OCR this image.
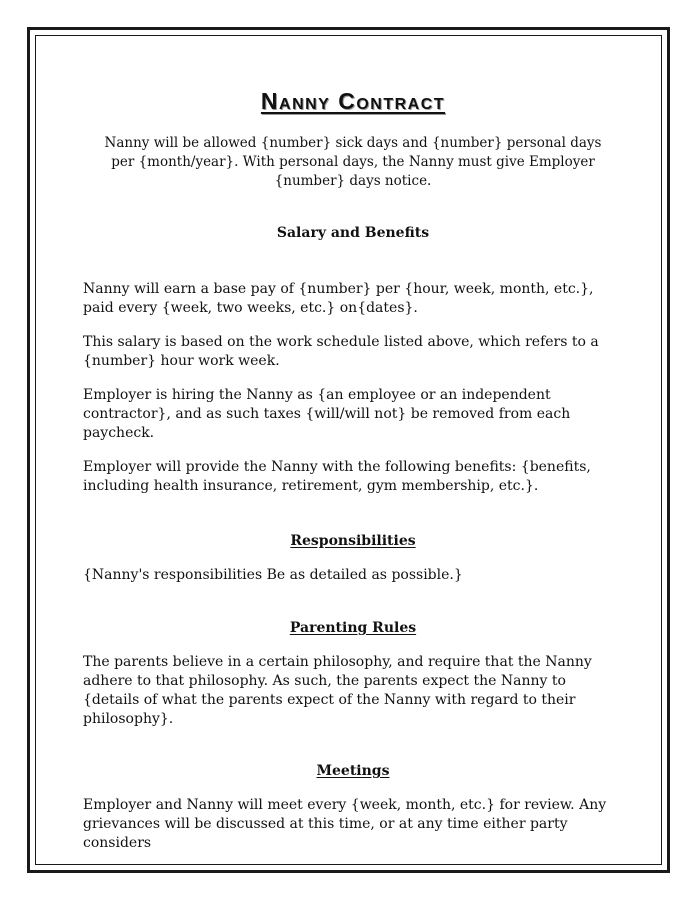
Nanny Contract

Nanny will be allowed {number} sick days and {number} personal days per {month/year}. With personal days, the Nanny must give Employer {number} days notice.

Salary and Benefits

Nanny will earn a base pay of {number} per {hour, week, month, etc.}, paid every {week, two weeks, etc.} on{dates}.

This salary is based on the work schedule listed above, which refers to a {number} hour work week.

Employer is hiring the Nanny as {an employee or an independent contractor}, and as such taxes {will/will not} be removed from each paycheck.

Employer will provide the Nanny with the following benefits: {benefits, including health insurance, retirement, gym membership, etc.}.

Responsibilities

{Nanny's responsibilities Be as detailed as possible.}

Parenting Rules

The parents believe in a certain philosophy, and require that the Nanny adhere to that philosophy. As such, the parents expect the Nanny to {details of what the parents expect of the Nanny with regard to their philosophy}.

Meetings

Employer and Nanny will meet every {week, month, etc.} for review. Any grievances will be discussed at this time, or at any time either party considers
